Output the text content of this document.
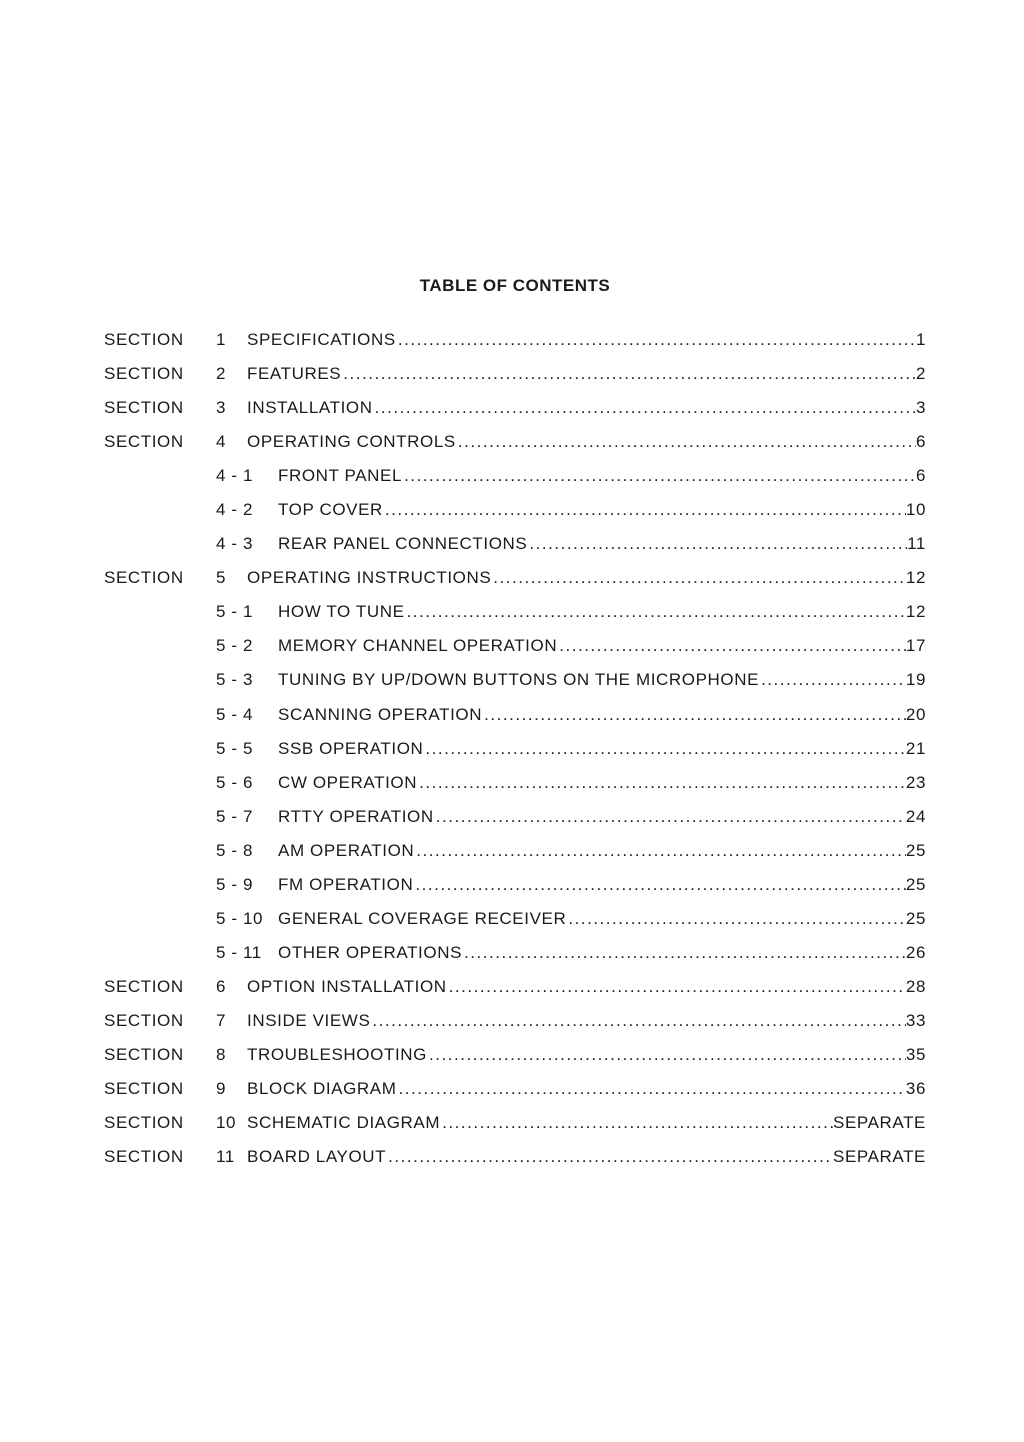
TABLE OF CONTENTS
SECTION 1	SPECIFICATIONS . . .	1
SECTION 2	FEATURES . . .	2
SECTION 3	INSTALLATION . . .	3
SECTION 4	OPERATING CONTROLS . . .	6
4 - 1	FRONT PANEL . . .	6
4 - 2	TOP COVER . . .	10
4 - 3	REAR PANEL CONNECTIONS . . .	11
SECTION 5	OPERATING INSTRUCTIONS . . .	12
5 - 1	HOW TO TUNE . . .	12
5 - 2	MEMORY CHANNEL OPERATION . . .	17
5 - 3	TUNING BY UP/DOWN BUTTONS ON THE MICROPHONE . . .	19
5 - 4	SCANNING OPERATION . . .	20
5 - 5	SSB OPERATION . . .	21
5 - 6	CW OPERATION . . .	23
5 - 7	RTTY OPERATION . . .	24
5 - 8	AM OPERATION . . .	25
5 - 9	FM OPERATION . . .	25
5 - 10 GENERAL COVERAGE RECEIVER . . .	25
5 - 11 OTHER OPERATIONS . . .	26
SECTION 6	OPTION INSTALLATION . . .	28
SECTION 7	INSIDE VIEWS . . .	33
SECTION 8	TROUBLESHOOTING . . .	35
SECTION 9	BLOCK DIAGRAM . . .	36
SECTION 10 SCHEMATIC DIAGRAM . . .	SEPARATE
SECTION 11 BOARD LAYOUT . . .	SEPARATE
